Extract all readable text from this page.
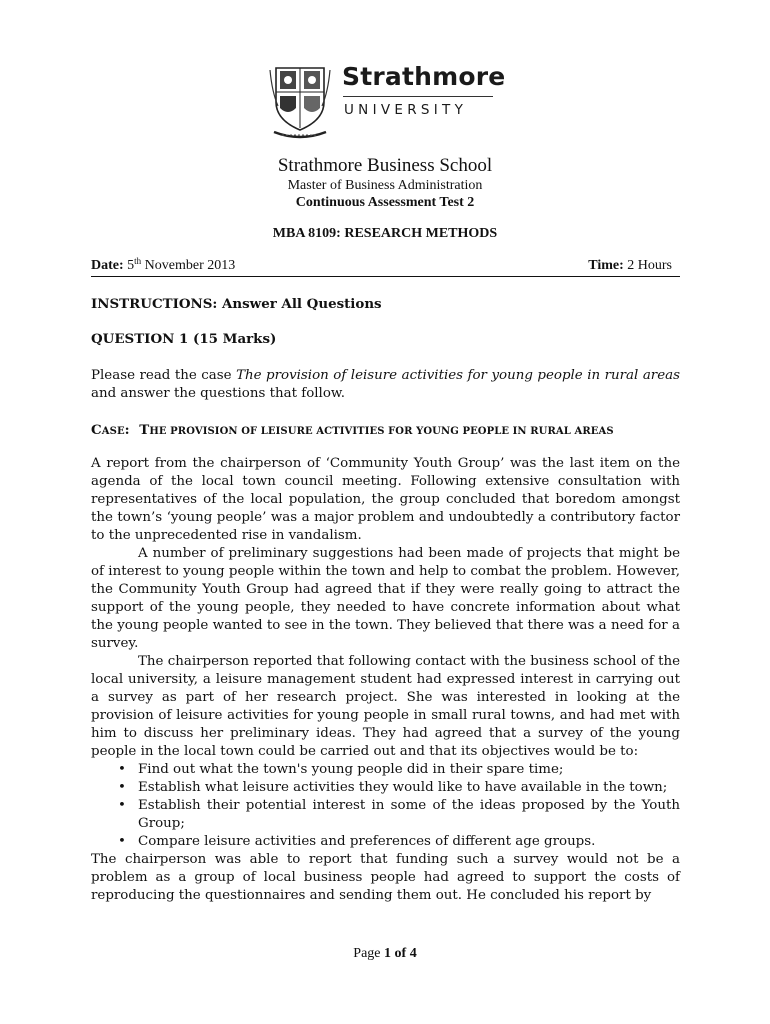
Strathmore
UNIVERSITY
Strathmore Business School
Master of Business Administration
Continuous Assessment Test 2
MBA 8109: RESEARCH METHODS
Date: 5th November 2013	Time: 2 Hours
INSTRUCTIONS: Answer All Questions
QUESTION 1 (15 Marks)
Please read the case The provision of leisure activities for young people in rural areas and answer the questions that follow.
CASE:  THE PROVISION OF LEISURE ACTIVITIES FOR YOUNG PEOPLE IN RURAL AREAS

A report from the chairperson of ‘Community Youth Group’ was the last item on the agenda of the local town council meeting. Following extensive consultation with representatives of the local population, the group concluded that boredom amongst the town’s ‘young people’ was a major problem and undoubtedly a contributory factor to the unprecedented rise in vandalism.

A number of preliminary suggestions had been made of projects that might be of interest to young people within the town and help to combat the problem. However, the Community Youth Group had agreed that if they were really going to attract the support of the young people, they needed to have concrete information about what the young people wanted to see in the town. They believed that there was a need for a survey.

The chairperson reported that following contact with the business school of the local university, a leisure management student had expressed interest in carrying out a survey as part of her research project. She was interested in looking at the provision of leisure activities for young people in small rural towns, and had met with him to discuss her preliminary ideas. They had agreed that a survey of the young people in the local town could be carried out and that its objectives would be to:

• Find out what the town's young people did in their spare time;
• Establish what leisure activities they would like to have available in the town;
• Establish their potential interest in some of the ideas proposed by the Youth Group;
• Compare leisure activities and preferences of different age groups.

The chairperson was able to report that funding such a survey would not be a problem as a group of local business people had agreed to support the costs of reproducing the questionnaires and sending them out. He concluded his report by

Page 1 of 4
